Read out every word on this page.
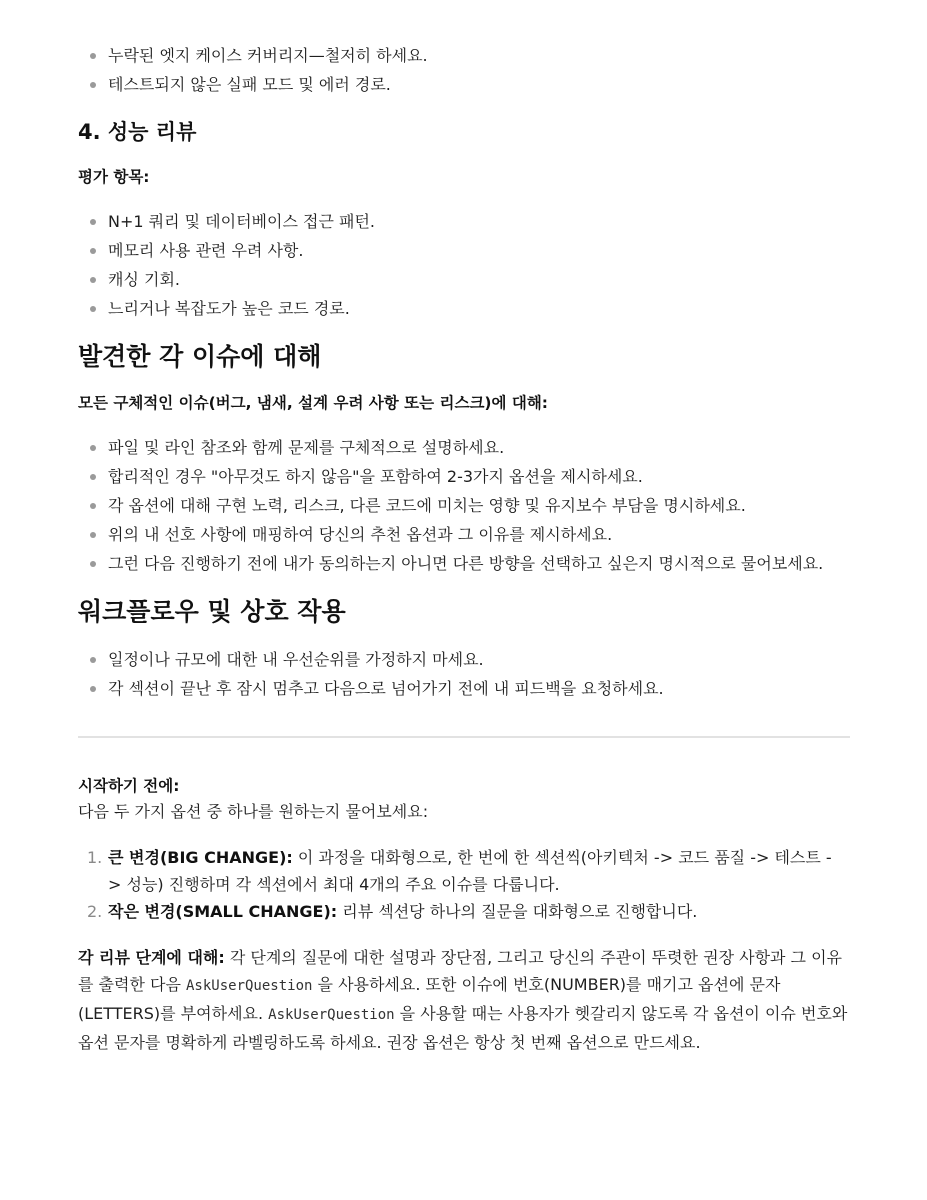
누락된 엣지 케이스 커버리지—철저히 하세요.
테스트되지 않은 실패 모드 및 에러 경로.
4. 성능 리뷰
평가 항목:
N+1 쿼리 및 데이터베이스 접근 패턴.
메모리 사용 관련 우려 사항.
캐싱 기회.
느리거나 복잡도가 높은 코드 경로.
발견한 각 이슈에 대해
모든 구체적인 이슈(버그, 냄새, 설계 우려 사항 또는 리스크)에 대해:
파일 및 라인 참조와 함께 문제를 구체적으로 설명하세요.
합리적인 경우 "아무것도 하지 않음"을 포함하여 2-3가지 옵션을 제시하세요.
각 옵션에 대해 구현 노력, 리스크, 다른 코드에 미치는 영향 및 유지보수 부담을 명시하세요.
위의 내 선호 사항에 매핑하여 당신의 추천 옵션과 그 이유를 제시하세요.
그런 다음 진행하기 전에 내가 동의하는지 아니면 다른 방향을 선택하고 싶은지 명시적으로 물어보세요.
워크플로우 및 상호 작용
일정이나 규모에 대한 내 우선순위를 가정하지 마세요.
각 섹션이 끝난 후 잠시 멈추고 다음으로 넘어가기 전에 내 피드백을 요청하세요.
시작하기 전에:

다음 두 가지 옵션 중 하나를 원하는지 물어보세요:

1. 큰 변경(BIG CHANGE): 이 과정을 대화형으로, 한 번에 한 섹션씩(아키텍처 -> 코드 품질 -> 테스트 -> 성능) 진행하며 각 섹션에서 최대 4개의 주요 이슈를 다룹니다.
2. 작은 변경(SMALL CHANGE): 리뷰 섹션당 하나의 질문을 대화형으로 진행합니다.

각 리뷰 단계에 대해: 각 단계의 질문에 대한 설명과 장단점, 그리고 당신의 주관이 뚜렷한 권장 사항과 그 이유를 출력한 다음 AskUserQuestion 을 사용하세요. 또한 이슈에 번호(NUMBER)를 매기고 옵션에 문자(LETTERS)를 부여하세요. AskUserQuestion 을 사용할 때는 사용자가 헷갈리지 않도록 각 옵션이 이슈 번호와 옵션 문자를 명확하게 라벨링하도록 하세요. 권장 옵션은 항상 첫 번째 옵션으로 만드세요.
